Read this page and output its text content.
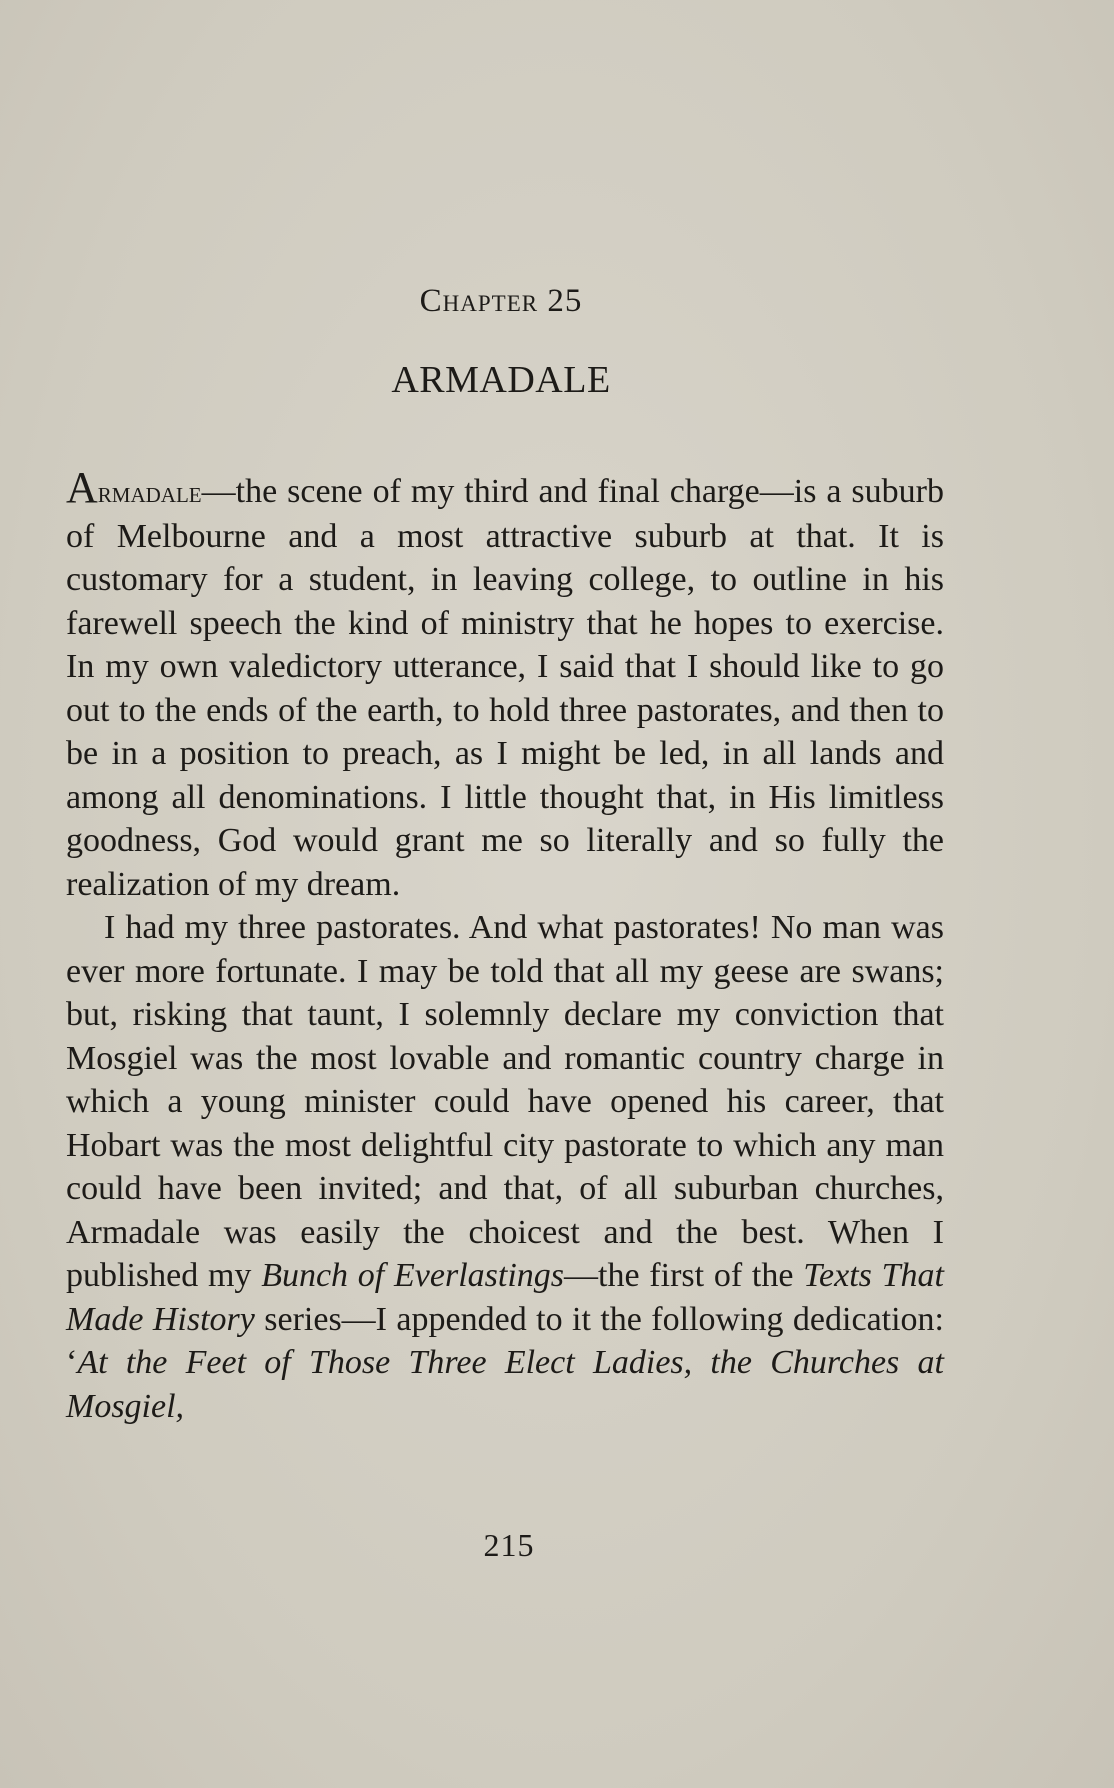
Chapter 25
ARMADALE

Armadale—the scene of my third and final charge—is a suburb of Melbourne and a most attractive suburb at that. It is customary for a student, in leaving college, to outline in his farewell speech the kind of ministry that he hopes to exercise. In my own valedictory utterance, I said that I should like to go out to the ends of the earth, to hold three pastorates, and then to be in a position to preach, as I might be led, in all lands and among all denominations. I little thought that, in His limitless goodness, God would grant me so literally and so fully the realization of my dream.

I had my three pastorates. And what pastorates! No man was ever more fortunate. I may be told that all my geese are swans; but, risking that taunt, I solemnly declare my conviction that Mosgiel was the most lovable and romantic country charge in which a young minister could have opened his career, that Hobart was the most delightful city pastorate to which any man could have been invited; and that, of all suburban churches, Armadale was easily the choicest and the best. When I published my Bunch of Everlastings—the first of the Texts That Made History series—I appended to it the following dedication: ‘At the Feet of Those Three Elect Ladies, the Churches at Mosgiel,

215
